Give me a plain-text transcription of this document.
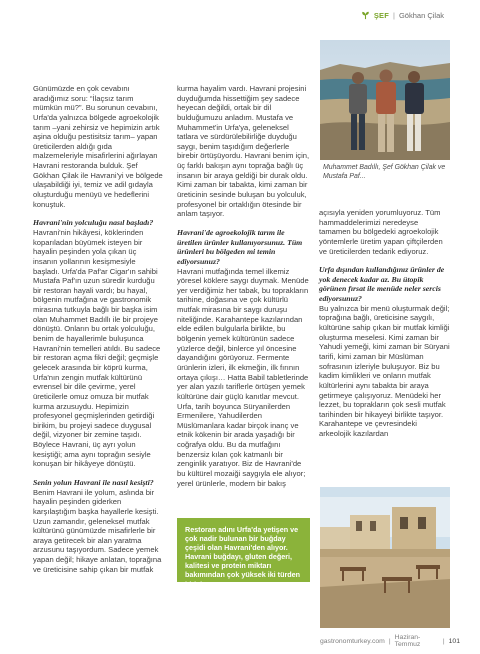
ŞEF | Gökhan Çilak

Günümüzde en çok cevabını aradığımız soru: “İlaçsız tarım mümkün mü?”. Bu sorunun cevabını, Urfa'da yalnızca bölgede agroekolojik tarım –yani zehirsiz ve hepimizin artık aşina olduğu pestisitsiz tarım– yapan üreticilerden aldığı gıda malzemeleriyle misafirlerini ağırlayan Havrani restoranda bulduk. Şef Gökhan Çilak ile Havrani'yi ve bölgede ulaşabildiği iyi, temiz ve adil gıdayla oluşturduğu menüyü ve hedeflerini konuştuk.

Havrani'nin yolculuğu nasıl başladı?

Havrani'nin hikâyesi, köklerinden koparıladan büyümek isteyen bir hayalin peşinden yola çıkan üç insanın yollarının kesişmesiyle başladı. Urfa'da Paf'ar Cigar'ın sahibi Mustafa Paf'ın uzun süredir kurduğu bir restoran hayali vardı; bu hayal, bölgenin mutfağına ve gastronomik mirasına tutkuyla bağlı bir başka isim olan Muhammet Badıllı ile bir projeye dönüştü. Onların bu ortak yolculuğu, benim de hayallerimle buluşunca Havrani'nin temelleri atıldı. Bu sadece bir restoran açma fikri değil; geçmişle gelecek arasında bir köprü kurma, Urfa'nın zengin mutfak kültürünü evrensel bir dile çevirme, yerel üreticilerle omuz omuza bir mutfak kurma arzusuydu. Hepimizin profesyonel geçmişlerinden getirdiği birikim, bu projeyi sadece duygusal değil, vizyoner bir zemine taşıdı. Böylece Havrani, üç ayrı yolun kesiştiği; ama aynı toprağın sesiyle konuşan bir hikâyeye dönüştü.

Senin yolun Havrani ile nasıl kesişti?

Benim Havrani ile yolum, aslında bir hayalin peşinden giderken karşılaştığım başka hayallerle kesişti. Uzun zamandır, geleneksel mutfak kültürünü günümüzde misafirlerle bir araya getirecek bir alan yaratma arzusunu taşıyordum. Sadece yemek yapan değil; hikaye anlatan, toprağına ve üreticisine sahip çıkan bir mutfak

kurma hayalim vardı. Havrani projesini duyduğumda hissettiğim şey sadece heyecan değildi, ortak bir dil bulduğumuzu anladım. Mustafa ve Muhammet'in Urfa'ya, geleneksel tatlara ve sürdürülebilirliğe duyduğu saygı, benim taşıdığım değerlerle birebir örtüşüyordu. Havrani benim için, üç farklı bakışın aynı toprağa bağlı üç insanın bir araya geldiği bir durak oldu. Kimi zaman bir tabakta, kimi zaman bir üreticinin sesinde buluşan bu yolculuk, profesyonel bir ortaklığın ötesinde bir anlam taşıyor.

Havrani'de agroekolojik tarım ile üretilen ürünler kullanıyorsunuz. Tüm ürünleri bu bölgeden mi temin ediyorsunuz?

Havrani mutfağında temel ilkemiz yöresel köklere saygı duymak. Menüde yer verdiğimiz her tabak, bu toprakların tarihine, doğasına ve çok kültürlü mutfak mirasına bir saygı duruşu niteliğinde. Karahantepe kazılarından elde edilen bulgularla birlikte, bu bölgenin yemek kültürünün sadece yüzlerce değil, binlerce yıl öncesine dayandığını görüyoruz. Fermente ürünlerin izleri, ilk ekmeğin, ilk fırının ortaya çıkışı… Hatta Babil tabletlerinde yer alan yazılı tariflerle örtüşen yemek kültürüne dair güçlü kanıtlar mevcut. Urfa, tarih boyunca Süryanilerden Ermenilere, Yahudilerden Müslümanlara kadar birçok inanç ve etnik kökenin bir arada yaşadığı bir coğrafya oldu. Bu da mutfağını benzersiz kılan çok katmanlı bir zenginlik yaratıyor. Biz de Havrani'de bu kültürel mozaiği saygıyla ele alıyor; yerel ürünlerle, modern bir bakış

açısıyla yeniden yorumluyoruz. Tüm hammaddelerimizi neredeyse tamamen bu bölgedeki agroekolojik yöntemlerle üretim yapan çiftçilerden ve üreticilerden tedarik ediyoruz.

Urfa dışından kullandığınız ürünler de yok denecek kadar az. Bu ütopik görünen fırsat ile menüde neler sercis ediyorsunuz?

Bu yalnızca bir menü oluşturmak değil; toprağına bağlı, üreticisine saygılı, kültürüne sahip çıkan bir mutfak kimliği oluşturma meselesi. Kimi zaman bir Yahudi yemeği, kimi zaman bir Süryani tarifi, kimi zaman bir Müslüman sofrasının izleriyle buluşuyor. Biz bu kadim kimlikleri ve onların mutfak kültürlerini aynı tabakta bir araya getirmeye çalışıyoruz. Menüdeki her lezzet, bu toprakların çok sesli mutfak tarihinden bir hikayeyi birlikte taşıyor. Karahantepe ve çevresindeki arkeolojik kazılardan

Muhammet Badıllı, Şef Gökhan Çilak ve Mustafa Paf...

Restoran adını Urfa'da yetişen ve çok nadir bulunan bir buğday çeşidi olan Havrani'den alıyor. Havrani buğdayı, gluten değeri, kalitesi ve protein miktarı bakımından çok yüksek iki türden birisi...

gastronomturkey.com | Haziran-Temmuz	| 101
